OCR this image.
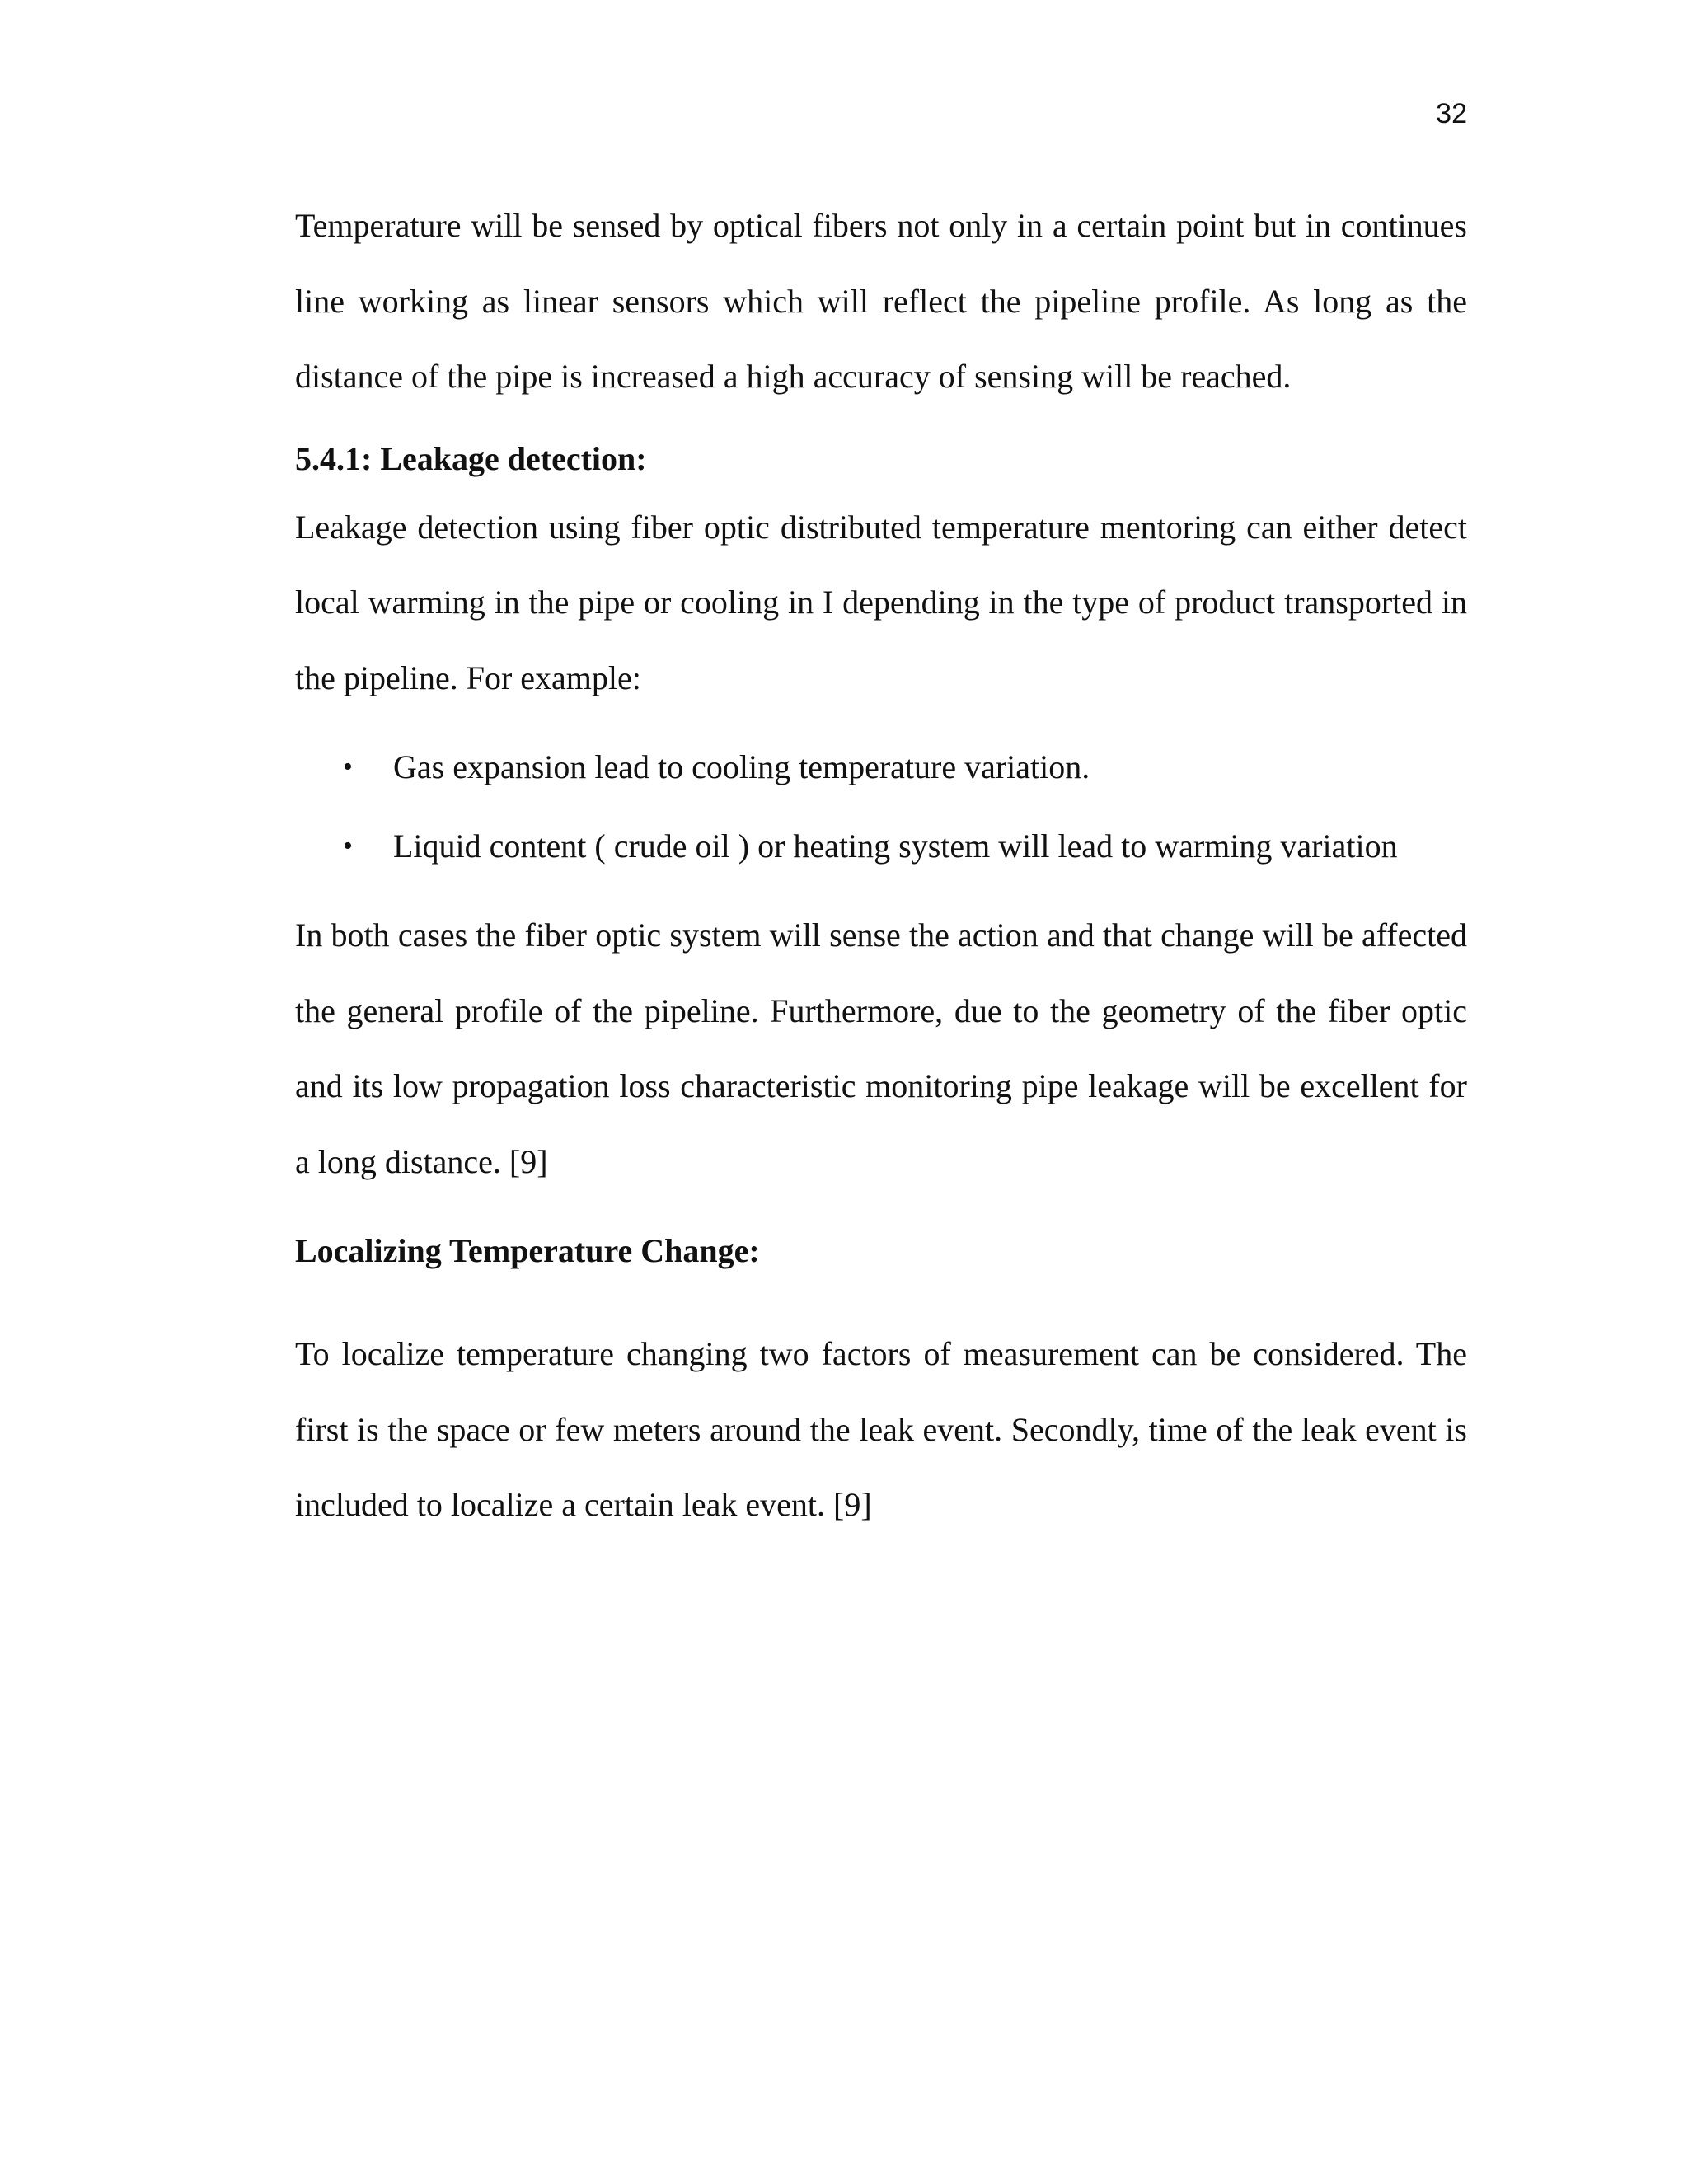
32

Temperature will be sensed by optical fibers not only in a certain point but in continues line working as linear sensors which will reflect the pipeline profile. As long as the distance of the pipe is increased a high accuracy of sensing will be reached.

5.4.1: Leakage detection:

Leakage detection using fiber optic distributed temperature mentoring can either detect local warming in the pipe or cooling in I depending in the type of product transported in the pipeline. For example:

• Gas expansion lead to cooling temperature variation.
• Liquid content ( crude oil ) or heating system will lead to warming variation

In both cases the fiber optic system will sense the action and that change will be affected the general profile of the pipeline. Furthermore, due to the geometry of the fiber optic and its low propagation loss characteristic monitoring pipe leakage will be excellent for a long distance. [9]

Localizing Temperature Change:

To localize temperature changing two factors of measurement can be considered. The first is the space or few meters around the leak event. Secondly, time of the leak event is included to localize a certain leak event. [9]
